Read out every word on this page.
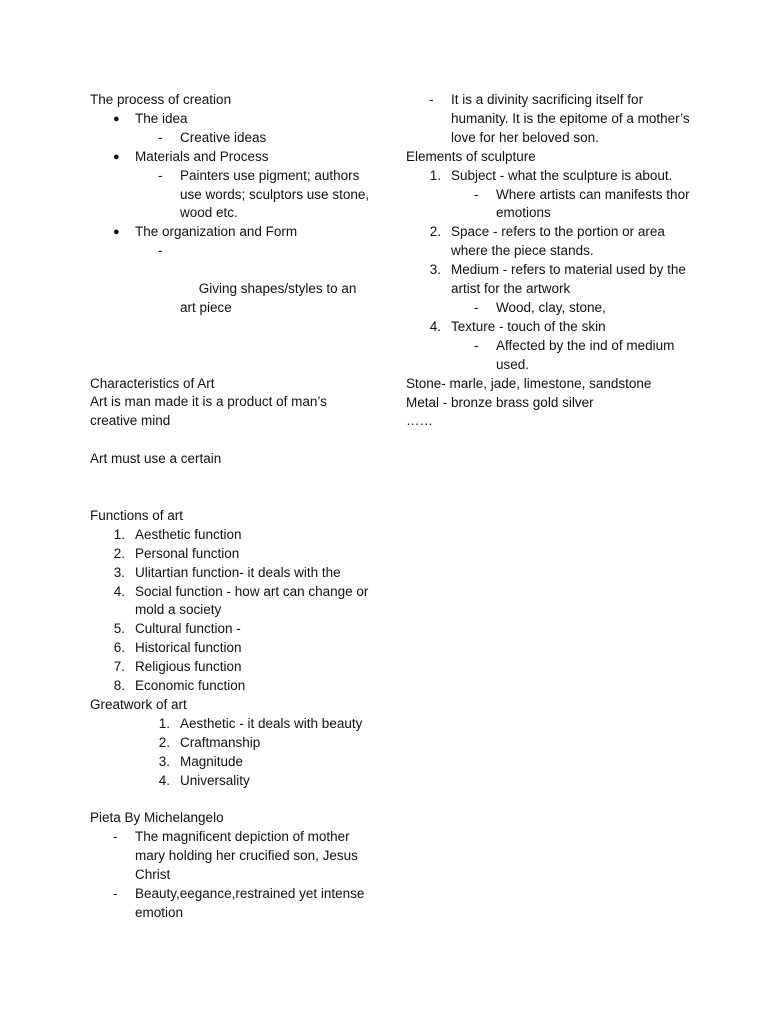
The process of creation
● The idea
- Creative ideas
● Materials and Process
- Painters use pigment; authors use words; sculptors use stone, wood etc.
● The organization and Form

-

Giving shapes/styles to an art piece

Characteristics of Art
Art is man made it is a product of man’s creative mind
Art must use a certain
Functions of art
1. Aesthetic function
2. Personal function
3. Ulitartian function- it deals with the
4. Social function - how art can change or mold a society
5. Cultural function -
6. Historical function
7. Religious function
8. Economic function
Greatwork of art
1. Aesthetic - it deals with beauty
2. Craftmanship
3. Magnitude
4. Universality
Pieta By Michelangelo
- The magnificent depiction of mother mary holding her crucified son, Jesus Christ
- Beauty,eegance,restrained yet intense emotion
- It is a divinity sacrificing itself for humanity. It is the epitome of a mother’s love for her beloved son.
Elements of sculpture
1. Subject - what the sculpture is about.
- Where artists can manifests thor emotions
2. Space - refers to the portion or area where the piece stands.
3. Medium - refers to material used by the artist for the artwork
- Wood, clay, stone,
4. Texture - touch of the skin
- Affected by the ind of medium used.
Stone- marle, jade, limestone, sandstone
Metal - bronze brass gold silver
……
